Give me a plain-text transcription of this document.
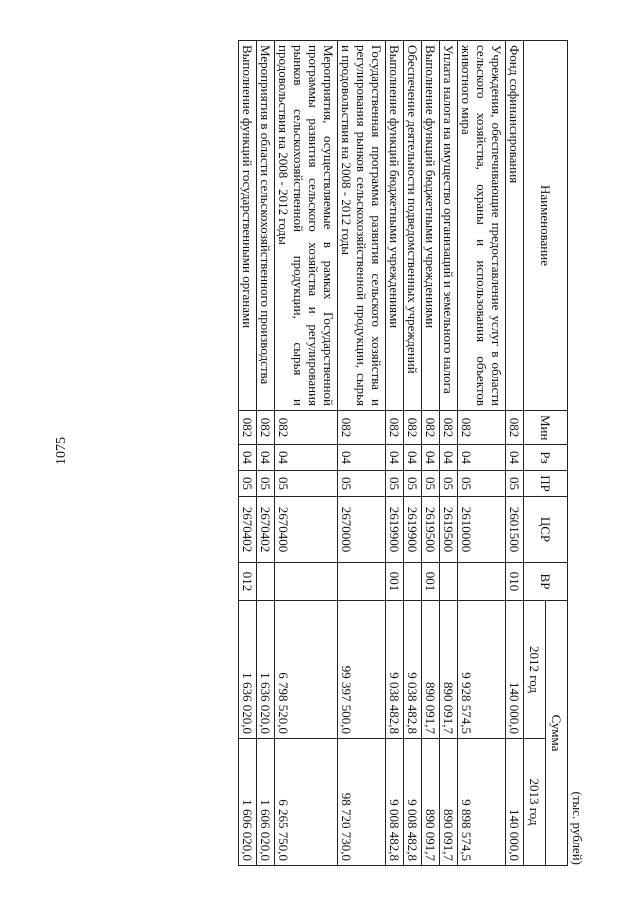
1075
(тыс. рублей)
Наименование	Мин	Рз	ПР	ЦСР	ВР	Сумма	
						2012 год	2013 год
Фонд софинансирования	082	04	05	2601500	010	140 000,0	140 000,0
Учреждения, обеспечивающие предоставление услуг в области сельского хозяйства, охраны и использования объектов животного мира	082	04	05	2610000		9 928 574,5	9 898 574,5
Уплата налога на имущество организаций и земельного налога	082	04	05	2619500		890 091,7	890 091,7
Выполнение функций бюджетными учреждениями	082	04	05	2619500	001	890 091,7	890 091,7
Обеспечение деятельности подведомственных учреждений	082	04	05	2619900		9 038 482,8	9 008 482,8
Выполнение функций бюджетными учреждениями	082	04	05	2619900	001	9 038 482,8	9 008 482,8
Государственная программа развития сельского хозяйства и регулирования рынков сельскохозяйственной продукции, сырья и продовольствия на 2008 - 2012 годы	082	04	05	2670000		99 397 500,0	98 720 730,0
Мероприятия, осуществляемые в рамках Государственной программы развития сельского хозяйства и регулирования рынков сельскохозяйственной продукции, сырья и продовольствия на 2008 - 2012 годы	082	04	05	2670400		6 798 520,0	6 265 750,0
Мероприятия в области сельскохозяйственного производства	082	04	05	2670402		1 636 020,0	1 606 020,0
Выполнение функций государственными органами	082	04	05	2670402	012	1 636 020,0	1 606 020,0
